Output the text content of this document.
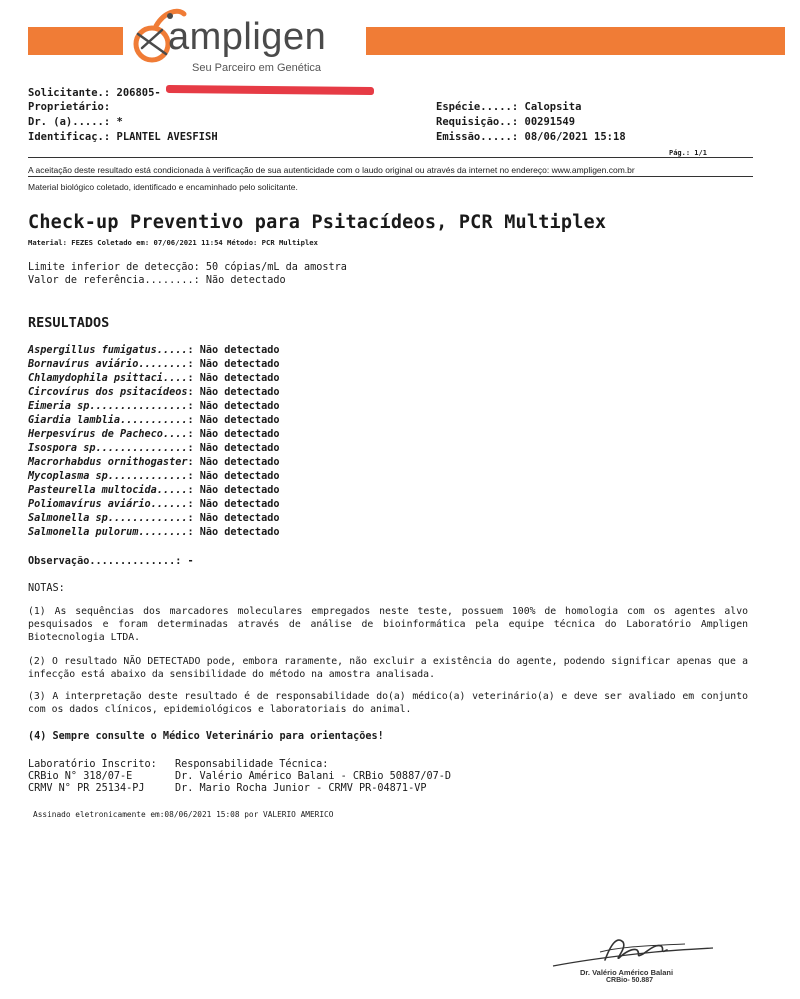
ampligen
Seu Parceiro em Genética
Solicitante.: 206805-
Proprietário:
Dr. (a).....: *
Identificaç.: PLANTEL AVESFISH
Espécie.....: Calopsita
Requisição..: 00291549
Emissão.....: 08/06/2021 15:18
Pág.: 1/1
A aceitação deste resultado está condicionada à verificação de sua autenticidade com o laudo original ou através da internet no endereço: www.ampligen.com.br
Material biológico coletado, identificado e encaminhado pelo solicitante.
Check-up Preventivo para Psitacídeos, PCR Multiplex
Material: FEZES Coletado em: 07/06/2021 11:54 Método: PCR Multiplex
Limite inferior de detecção: 50 cópias/mL da amostra
Valor de referência........: Não detectado
RESULTADOS
Aspergillus fumigatus.....: Não detectado
Bornavírus aviário........: Não detectado
Chlamydophila psittaci....: Não detectado
Circovírus dos psitacídeos: Não detectado
Eimeria sp................: Não detectado
Giardia lamblia...........: Não detectado
Herpesvírus de Pacheco....: Não detectado
Isospora sp...............: Não detectado
Macrorhabdus ornithogaster: Não detectado
Mycoplasma sp.............: Não detectado
Pasteurella multocida.....: Não detectado
Poliomavírus aviário......: Não detectado
Salmonella sp.............: Não detectado
Salmonella pulorum........: Não detectado
Observação..............: -
NOTAS:
(1) As sequências dos marcadores moleculares empregados neste teste, possuem 100% de homologia com os agentes alvo pesquisados e foram determinadas através de análise de bioinformática pela equipe técnica do Laboratório Ampligen Biotecnologia LTDA.
(2) O resultado NÃO DETECTADO pode, embora raramente, não excluir a existência do agente, podendo significar apenas que a infecção está abaixo da sensibilidade do método na amostra analisada.
(3) A interpretação deste resultado é de responsabilidade do(a) médico(a) veterinário(a) e deve ser avaliado em conjunto com os dados clínicos, epidemiológicos e laboratoriais do animal.
(4) Sempre consulte o Médico Veterinário para orientações!
Laboratório Inscrito:
CRBio N° 318/07-E
CRMV N° PR 25134-PJ
Responsabilidade Técnica:
Dr. Valério Américo Balani - CRBio 50887/07-D
Dr. Mario Rocha Junior - CRMV PR-04871-VP
Assinado eletronicamente em:08/06/2021 15:08 por VALERIO AMERICO
Dr. Valério Américo Balani
CRBio- 50.887
